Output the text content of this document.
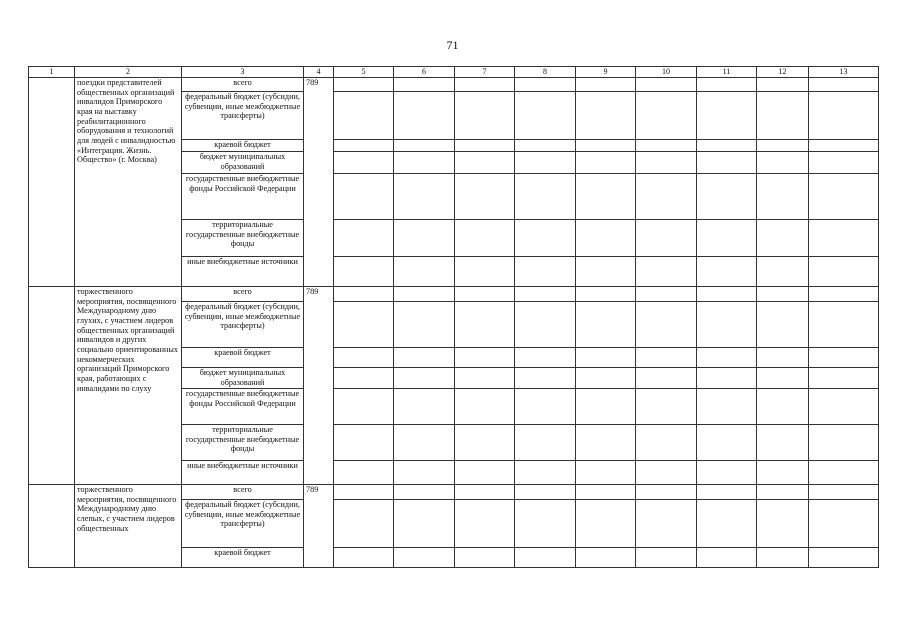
71
1	2	3	4	5	6	7	8	9	10	11	12	13
	поездки представителей общественных организаций инвалидов Приморского края на выставку реабилитационного оборудования и технологий для людей с инвалидностью «Интеграция. Жизнь. Общество» (г. Москва)	всего	789									
		федеральный бюджет (субсидии, субвенции, иные межбюджетные трансферты)										
		краевой бюджет										
		бюджет муниципальных образований										
		государственные внебюджетные фонды Российской Федерации										
		территориальные государственные внебюджетные фонды										
		иные внебюджетные источники										
	торжественного мероприятия, посвященного Международному дню глухих, с участием лидеров общественных организаций инвалидов и других социально ориентированных некоммерческих организаций Приморского края, работающих с инвалидами по слуху	всего	789									
		федеральный бюджет (субсидии, субвенции, иные межбюджетные трансферты)										
		краевой бюджет										
		бюджет муниципальных образований										
		государственные внебюджетные фонды Российской Федерации										
		территориальные государственные внебюджетные фонды										
		иные внебюджетные источники										
	торжественного мероприятия, посвященного Международному дню слепых, с участием лидеров общественных	всего	789									
		федеральный бюджет (субсидии, субвенции, иные межбюджетные трансферты)										
		краевой бюджет										
